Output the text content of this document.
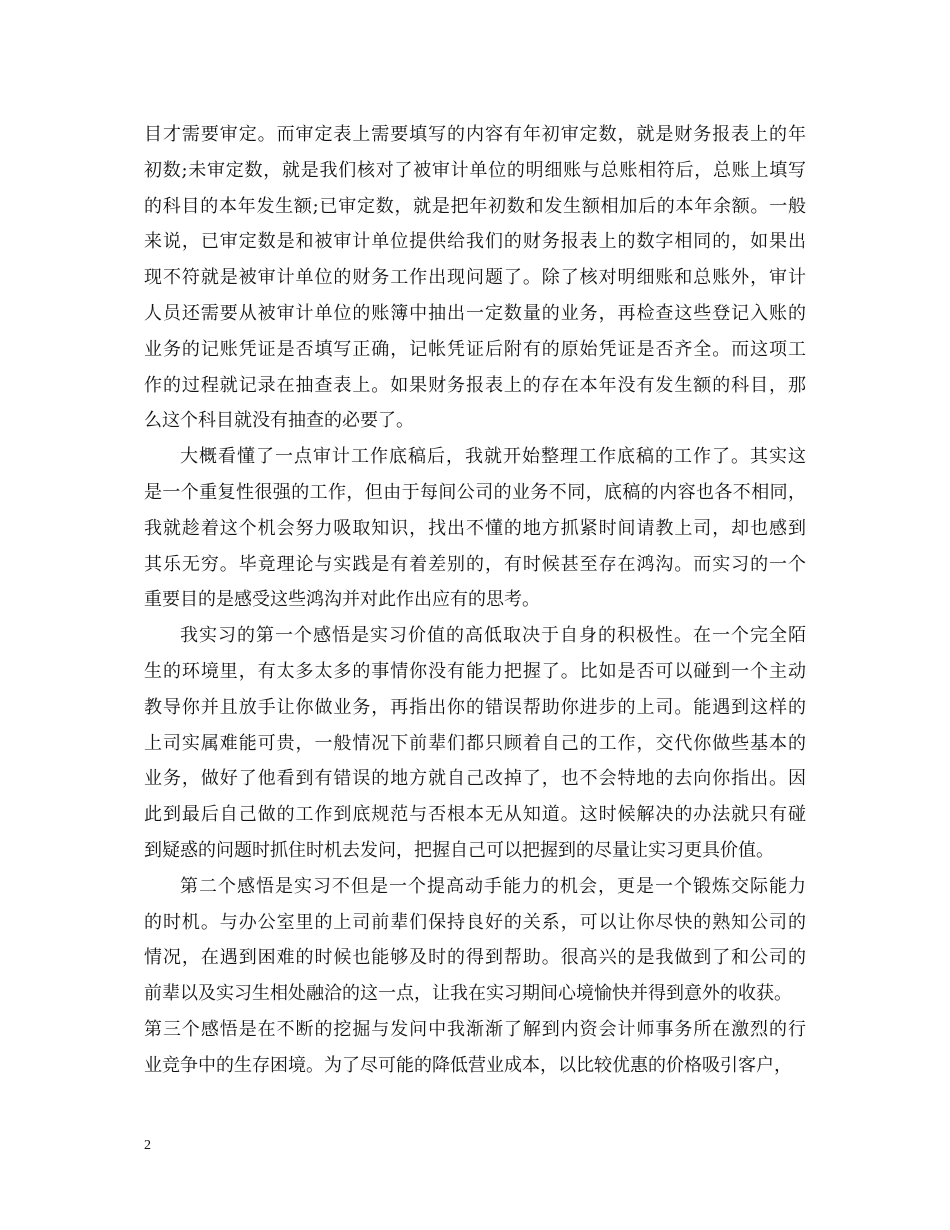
目才需要审定。而审定表上需要填写的内容有年初审定数，就是财务报表上的年
初数;未审定数，就是我们核对了被审计单位的明细账与总账相符后，总账上填写
的科目的本年发生额;已审定数，就是把年初数和发生额相加后的本年余额。一般
来说，已审定数是和被审计单位提供给我们的财务报表上的数字相同的，如果出
现不符就是被审计单位的财务工作出现问题了。除了核对明细账和总账外，审计
人员还需要从被审计单位的账簿中抽出一定数量的业务，再检查这些登记入账的
业务的记账凭证是否填写正确，记帐凭证后附有的原始凭证是否齐全。而这项工
作的过程就记录在抽查表上。如果财务报表上的存在本年没有发生额的科目，那
么这个科目就没有抽查的必要了。
大概看懂了一点审计工作底稿后，我就开始整理工作底稿的工作了。其实这
是一个重复性很强的工作，但由于每间公司的业务不同，底稿的内容也各不相同，
我就趁着这个机会努力吸取知识，找出不懂的地方抓紧时间请教上司，却也感到
其乐无穷。毕竟理论与实践是有着差别的，有时候甚至存在鸿沟。而实习的一个
重要目的是感受这些鸿沟并对此作出应有的思考。
我实习的第一个感悟是实习价值的高低取决于自身的积极性。在一个完全陌
生的环境里，有太多太多的事情你没有能力把握了。比如是否可以碰到一个主动
教导你并且放手让你做业务，再指出你的错误帮助你进步的上司。能遇到这样的
上司实属难能可贵，一般情况下前辈们都只顾着自己的工作，交代你做些基本的
业务，做好了他看到有错误的地方就自己改掉了，也不会特地的去向你指出。因
此到最后自己做的工作到底规范与否根本无从知道。这时候解决的办法就只有碰
到疑惑的问题时抓住时机去发问，把握自己可以把握到的尽量让实习更具价值。
第二个感悟是实习不但是一个提高动手能力的机会，更是一个锻炼交际能力
的时机。与办公室里的上司前辈们保持良好的关系，可以让你尽快的熟知公司的
情况，在遇到困难的时候也能够及时的得到帮助。很高兴的是我做到了和公司的
前辈以及实习生相处融洽的这一点，让我在实习期间心境愉快并得到意外的收获。
第三个感悟是在不断的挖掘与发问中我渐渐了解到内资会计师事务所在激烈的行
业竞争中的生存困境。为了尽可能的降低营业成本，以比较优惠的价格吸引客户，
2
